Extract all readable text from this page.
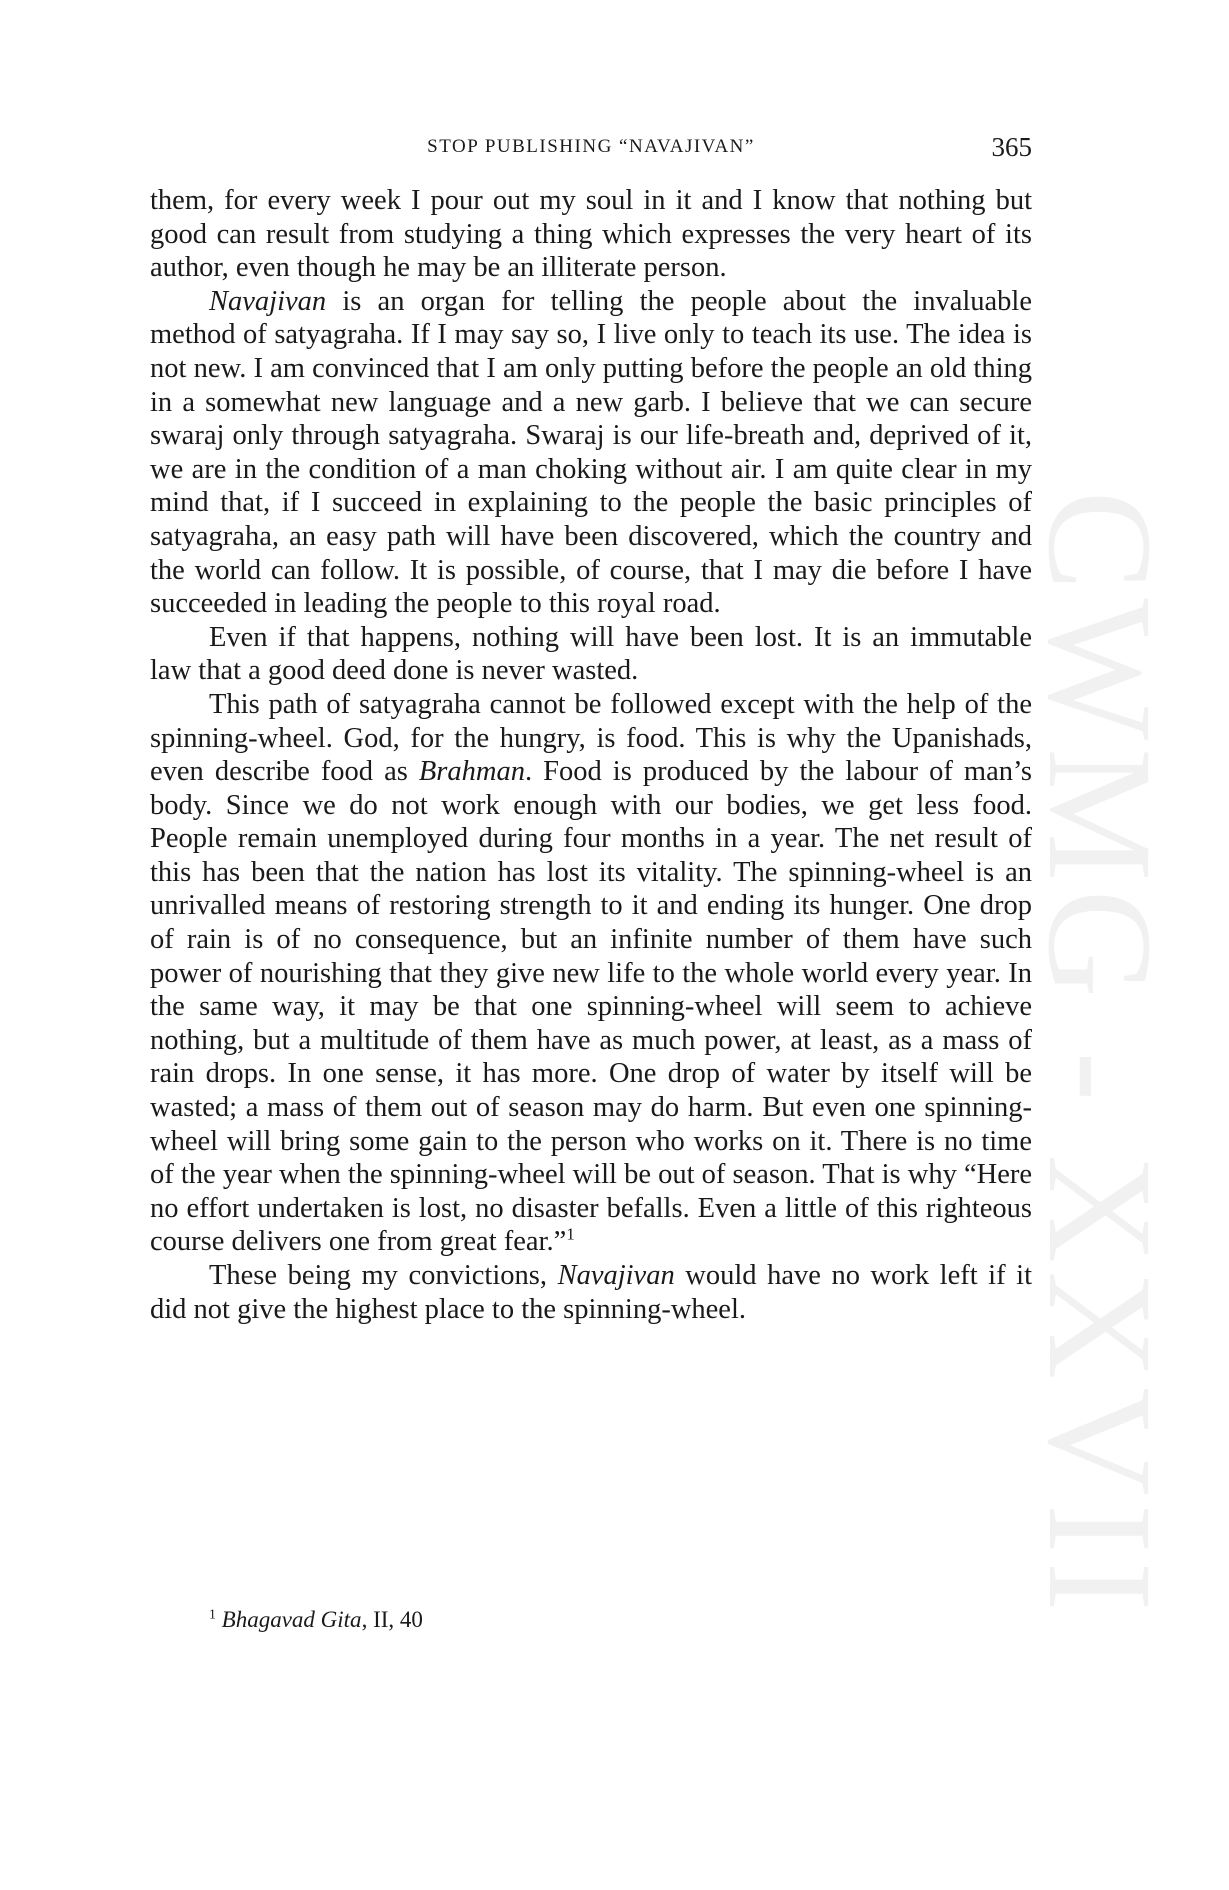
STOP PUBLISHING “NAVAJIVAN”	365
CWMG - XXVII

them, for every week I pour out my soul in it and I know that nothing but good can result from studying a thing which expresses the very heart of its author, even though he may be an illiterate person.

Navajivan is an organ for telling the people about the invaluable method of satyagraha. If I may say so, I live only to teach its use. The idea is not new. I am convinced that I am only putting before the people an old thing in a somewhat new language and a new garb. I believe that we can secure swaraj only through satyagraha. Swaraj is our life-breath and, deprived of it, we are in the condition of a man choking without air. I am quite clear in my mind that, if I succeed in explaining to the people the basic principles of satyagraha, an easy path will have been discovered, which the country and the world can follow. It is possible, of course, that I may die before I have succeeded in leading the people to this royal road.

Even if that happens, nothing will have been lost. It is an immutable law that a good deed done is never wasted.

This path of satyagraha cannot be followed except with the help of the spinning-wheel. God, for the hungry, is food. This is why the Upanishads, even describe food as Brahman. Food is produced by the labour of man’s body. Since we do not work enough with our bodies, we get less food. People remain unemployed during four months in a year. The net result of this has been that the nation has lost its vitality. The spinning-wheel is an unrivalled means of restoring strength to it and ending its hunger. One drop of rain is of no consequence, but an infinite number of them have such power of nourishing that they give new life to the whole world every year. In the same way, it may be that one spinning-wheel will seem to achieve nothing, but a multitude of them have as much power, at least, as a mass of rain drops. In one sense, it has more. One drop of water by itself will be wasted; a mass of them out of season may do harm. But even one spinning-wheel will bring some gain to the person who works on it. There is no time of the year when the spinning-wheel will be out of season. That is why “Here no effort undertaken is lost, no disaster befalls. Even a little of this righteous course delivers one from great fear.”$^1$

These being my convictions, Navajivan would have no work left if it did not give the highest place to the spinning-wheel.

$^1$ Bhagavad Gita, II, 40
